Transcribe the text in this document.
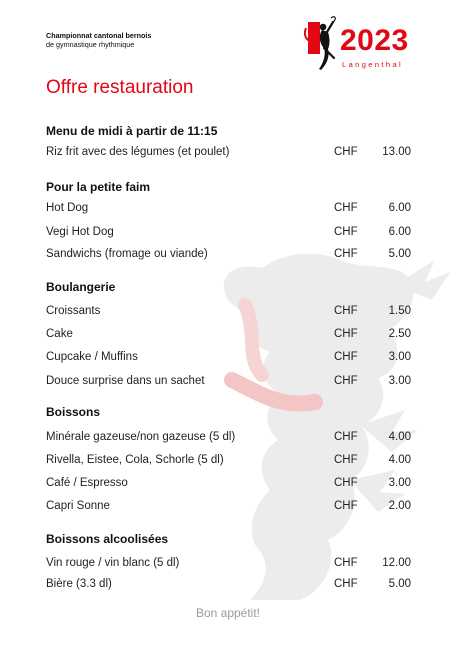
Championnat cantonal bernois
de gymnastique rhythmique	2023
Langenthal
Offre restauration
Menu de midi à partir de 11:15
Riz frit avec des légumes (et poulet)	CHF 13.00
Pour la petite faim
Hot Dog	CHF	6.00
Vegi Hot Dog	CHF	6.00
Sandwichs (fromage ou viande)	CHF	5.00
Boulangerie
Croissants	CHF	1.50
Cake	CHF	2.50
Cupcake / Muffins	CHF	3.00
Douce surprise dans un sachet	CHF	3.00
Boissons
Minérale gazeuse/non gazeuse (5 dl)	CHF	4.00
Rivella, Eistee, Cola, Schorle (5 dl)	CHF	4.00
Café / Espresso	CHF	3.00
Capri Sonne	CHF	2.00
Boissons alcoolisées
Vin rouge / vin blanc (5 dl)	CHF 12.00
Bière (3.3 dl)	CHF	5.00
Bon appétit!
